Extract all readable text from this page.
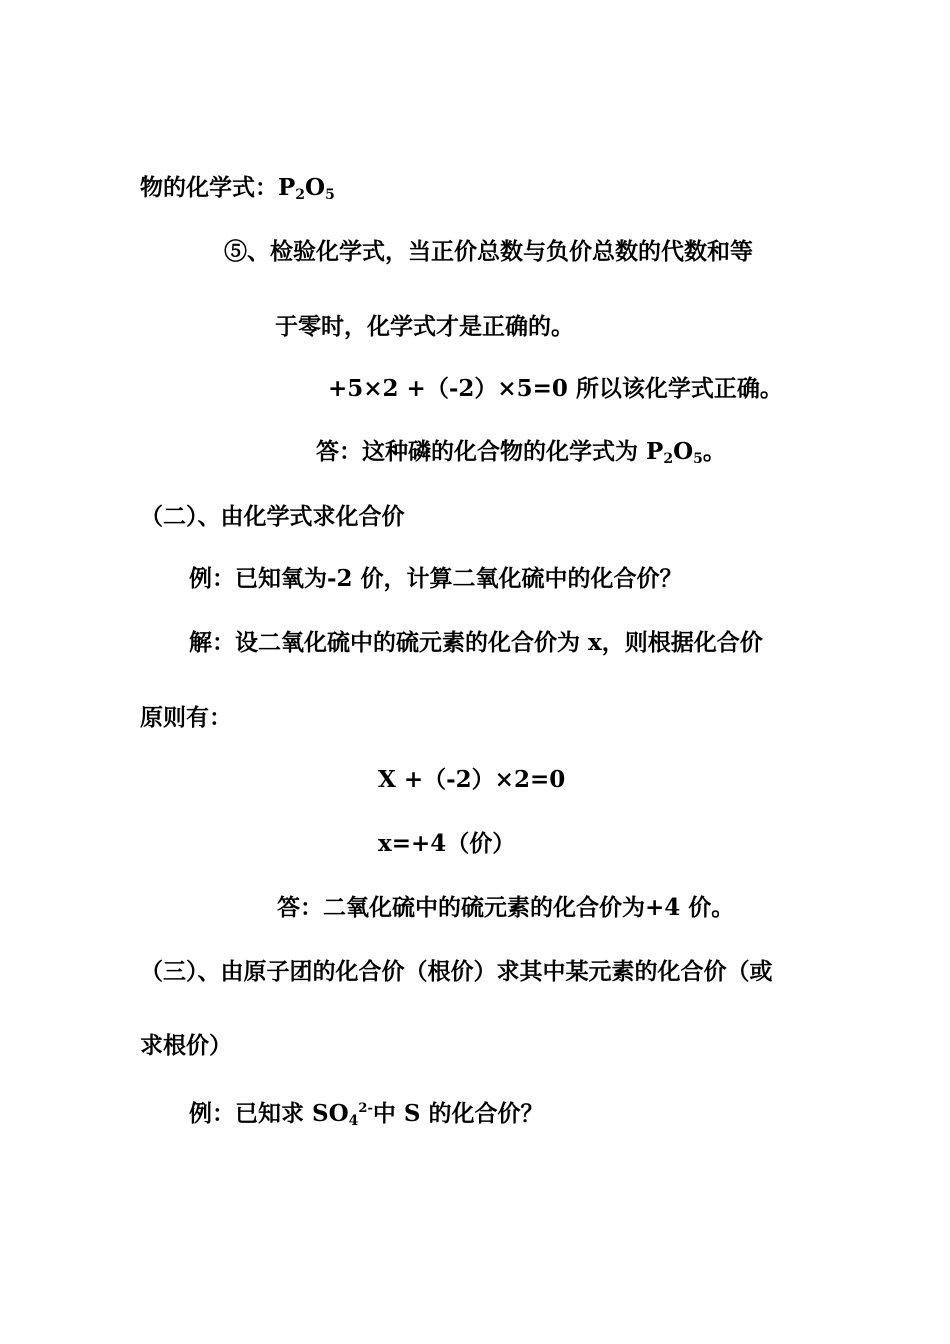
物的化学式：$P_2O_5$
⑤、检验化学式，当正价总数与负价总数的代数和等
于零时，化学式才是正确的。
+5×2 +（-2）×5=0 所以该化学式正确。
答：这种磷的化合物的化学式为 $P_2O_5$。
（二）、由化学式求化合价
例：已知氧为-2 价，计算二氧化硫中的化合价？
解：设二氧化硫中的硫元素的化合价为 x，则根据化合价
原则有：
X +（-2）×2=0
x=+4（价）
答：二氧化硫中的硫元素的化合价为+4 价。
（三）、由原子团的化合价（根价）求其中某元素的化合价（或
求根价）
例：已知求 $SO_4^{2-}$中 S 的化合价？
